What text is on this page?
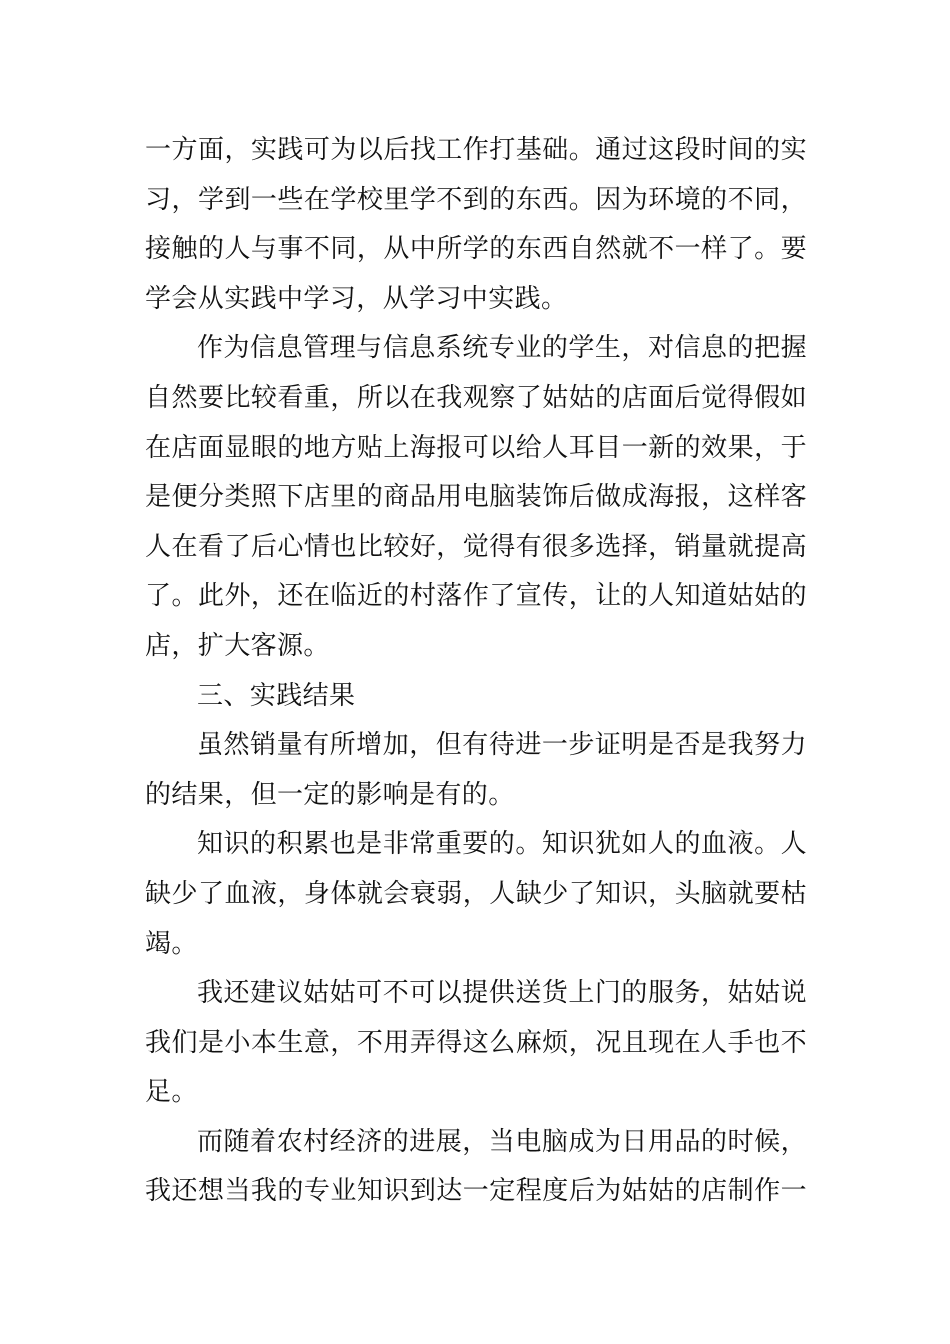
一方面，实践可为以后找工作打基础。通过这段时间的实
习，学到一些在学校里学不到的东西。因为环境的不同，
接触的人与事不同，从中所学的东西自然就不一样了。要
学会从实践中学习，从学习中实践。
作为信息管理与信息系统专业的学生，对信息的把握
自然要比较看重，所以在我观察了姑姑的店面后觉得假如
在店面显眼的地方贴上海报可以给人耳目一新的效果，于
是便分类照下店里的商品用电脑装饰后做成海报，这样客
人在看了后心情也比较好，觉得有很多选择，销量就提高
了。此外，还在临近的村落作了宣传，让的人知道姑姑的
店，扩大客源。
三、实践结果
虽然销量有所增加，但有待进一步证明是否是我努力
的结果，但一定的影响是有的。
知识的积累也是非常重要的。知识犹如人的血液。人
缺少了血液，身体就会衰弱，人缺少了知识，头脑就要枯
竭。
我还建议姑姑可不可以提供送货上门的服务，姑姑说
我们是小本生意，不用弄得这么麻烦，况且现在人手也不
足。
而随着农村经济的进展，当电脑成为日用品的时候，
我还想当我的专业知识到达一定程度后为姑姑的店制作一
